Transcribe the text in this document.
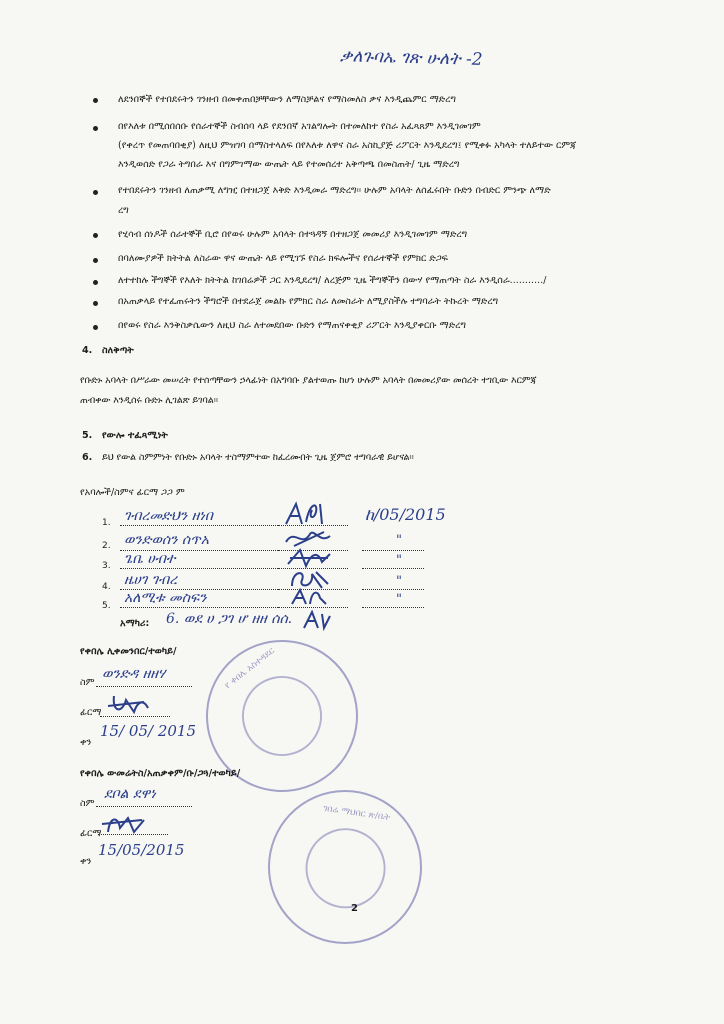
ቃለጉባኤ ገጽ ሁለት -2
ለደንበኞች የተበደሩትን ገንዘብ በመቀጠበቻቸውን ለማስቻልና የማስመለስ ቃና እንዲጨምር ማድረግ
በየእለቱ በሚሰበሰቡ የሰራተኞች ስብሰባ ላይ የደንበኛ አገልግሎት በተመለከተ የስራ አፈጻጸም እንዲገመገም
(የቀረጥ የመጠባበቂያ) ለዚህ ምዝገባ በማስተላለፍ በየእለቱ ለዋና ስራ አስኪያጅ ሪፖርት እንዲደረግ፤ የሚቀፉ አካላት ተለይተው ርምጃ
እንዲወሰድ የጋራ ትግበራ እና በግምገማው ውጤት ላይ የተመሰረተ አቅጣጫ በመስጠት/ ጊዜ ማድረግ
የተበደሩትን ገንዘብ ለጠቃሚ ለግዢ በተዘጋጀ እቅድ እንዲመራ ማድረግ፡፡ ሁሉም አባላት ለሰፈሩበት ቡድን በብድር ምንጭ ለማድ
ረግ
የሂሳብ ሰነዶች ሰራተኞች ቢሮ በየወሩ ሁሉም አባላት በተጓዳኝ በተዘጋጀ መመሪያ እንዲገመገም ማድረግ
በባለሙያዎች ክትትል ለስራው ዋና ውጤት ላይ የሚገኙ የስራ ክፍሎችና የሰራተኞች የምክር ድጋፍ
ለተተከሉ ችግኞች የእለት ክትትል ከገበሬዎች ጋር እንዲደረግ/ ለረጅም ጊዜ ችግኞችን በውሃ የማጠጣት ስራ እንዲሰራ.........../
በአጠቃላይ የተፈጠሩትን ችግሮች በተደራጀ መልኩ የምክር ስራ ለመስራት ለሚያስችሉ ተግባራት ትኩረት ማድረግ
በየወሩ የስራ እንቅስቃሴውን ለዚህ ስራ ለተመደበው ቡድን የማጠናቀቂያ ሪፖርት እንዲያቀርቡ ማድረግ
4. ስለቅጣት
የቡድኑ አባላት በሥራው መሠረት የተሰጣቸውን ኃላፊነት በአግባቡ ያልተወጡ ከሆነ ሁሉም አባላት በመመሪያው መሰረት ተገቢው እርምጃ
ጠብቀው እንዲሰሩ ቡድኑ ሊገልጽ ይገባል።
5. የውሎ ተፈጻሚነት
6. ይህ የውል ስምምነት የቡድኑ አባላት ተስማምተው ከፈረሙበት ጊዜ ጀምሮ ተግባራዊ ይሆናል።
የአባሎች/ስምና ፊርማ ጋጋ ም
1. ገብረመድህን ዘነበ	ከ/05/2015
2. ወንድወሰን ሰጥአ	"
3. ጌቤ ሀብተ	"
4. ዜሀገ ገብረ	"
5. አለሚቱ መስፍን	"
አማካሪ: 6. ወደ ሀ ጋገ ሆ ዘዘ ሰሰ.
የ ቀበሌ አስተዳደር
የቀበሌ ሊቀመንበር/ተወካይ/
ስም
ወንድዳ ዘዘሃ
ፊርማ
ቀን
15/ 05/ 2015
የቀበሌ ውመሬትስ/አጠቃቀም/ቡ/ጋጓ/ተወካይ/
ስም
ደቦል ደዋነ
ፊርማ
ቀን
15/05/2015
ገበሬ ማህበር ጽ/ቤት
2
